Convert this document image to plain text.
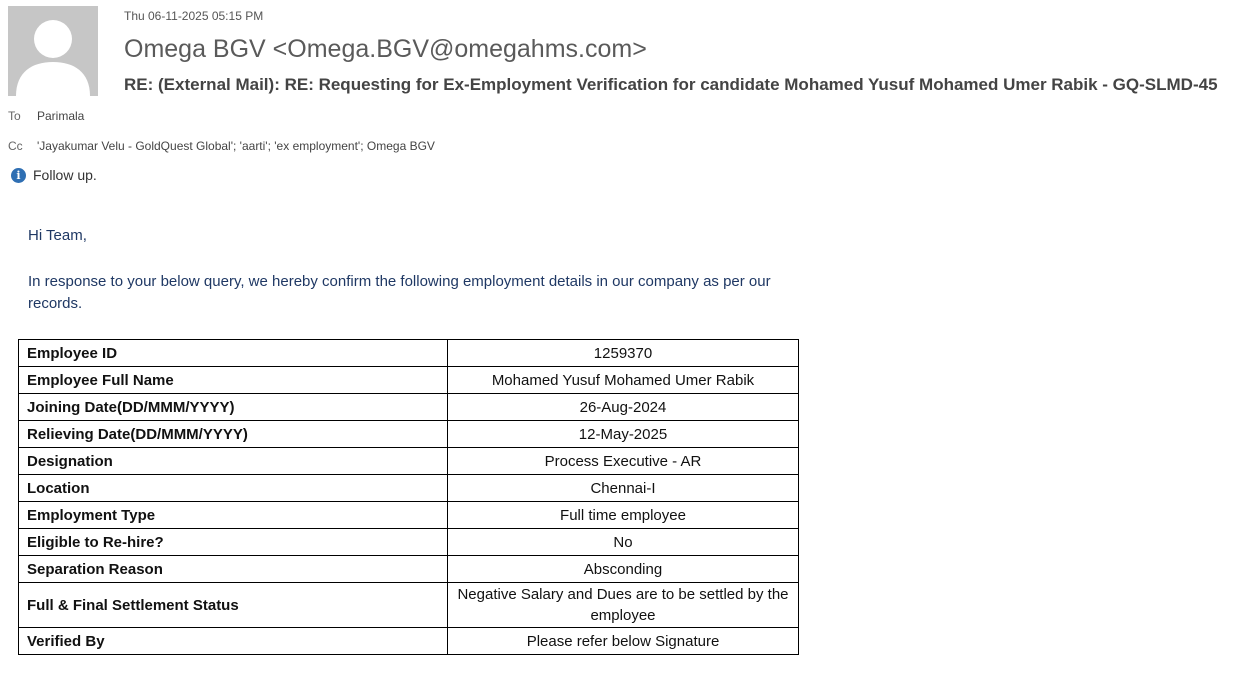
Thu 06-11-2025 05:15 PM
Omega BGV <Omega.BGV@omegahms.com>
RE: (External Mail): RE: Requesting for Ex-Employment Verification for candidate Mohamed Yusuf Mohamed Umer Rabik - GQ-SLMD-45
To Parimala
Cc 'Jayakumar Velu - GoldQuest Global'; 'aarti'; 'ex employment'; Omega BGV
i Follow up.
Hi Team,
In response to your below query, we hereby confirm the following employment details in our company as per our records.
Employee ID	1259370
Employee Full Name	Mohamed Yusuf Mohamed Umer Rabik
Joining Date(DD/MMM/YYYY)	26-Aug-2024
Relieving Date(DD/MMM/YYYY)	12-May-2025
Designation	Process Executive - AR
Location	Chennai-I
Employment Type	Full time employee
Eligible to Re-hire?	No
Separation Reason	Absconding
Full & Final Settlement Status	Negative Salary and Dues are to be settled by the employee
Verified By	Please refer below Signature
